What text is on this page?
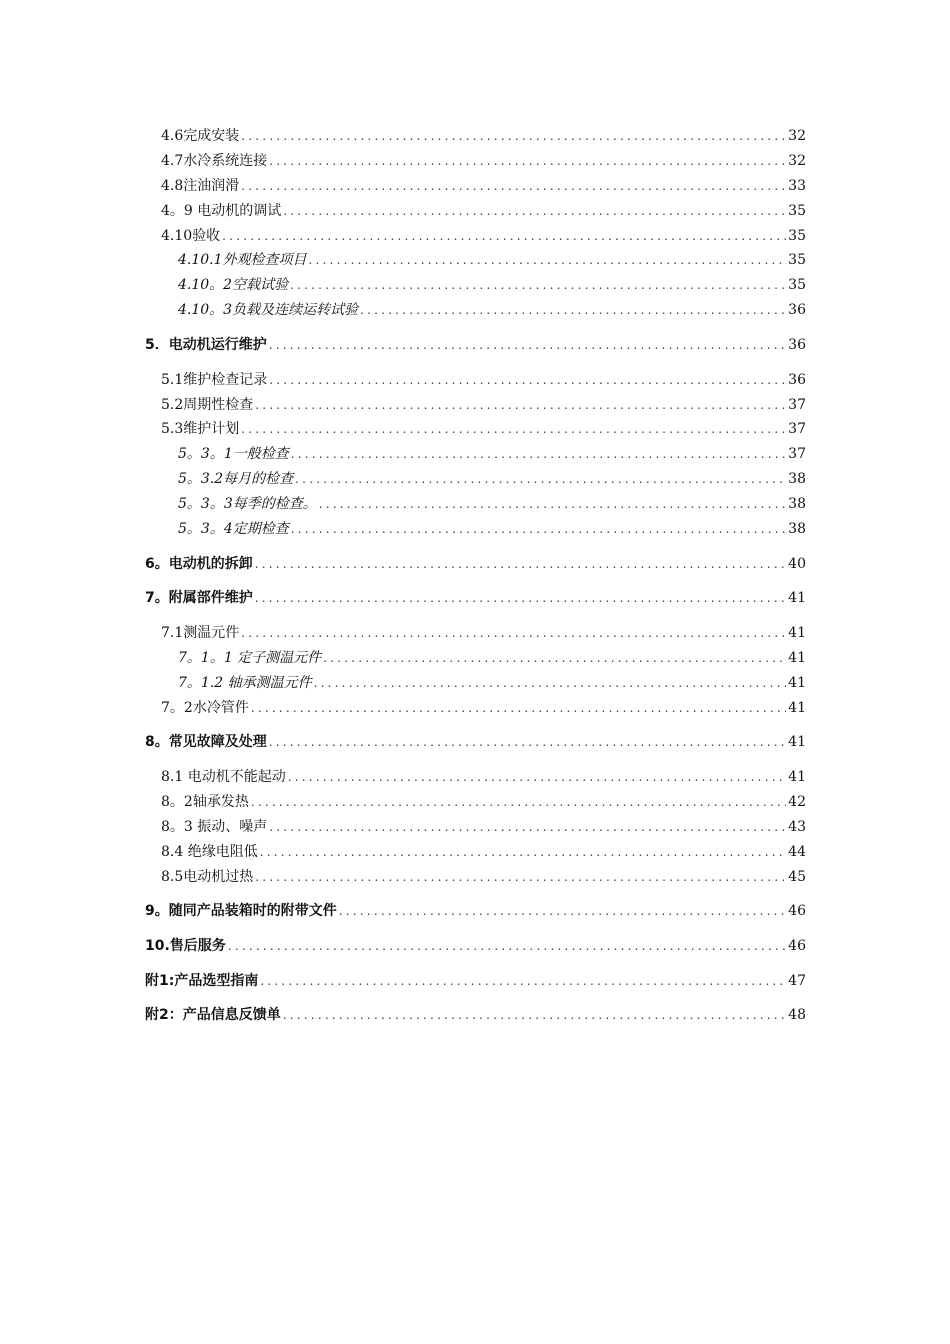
4.6完成安装 .....	32
4.7水冷系统连接 .....	32
4.8注油润滑 .....	33
4。9 电动机的调试 .....	35
4.10验收 .....	35
4.10.1外观检查项目 .....	35
4.10。2空载试验 .....	35
4.10。3负载及连续运转试验 .....	36
5．电动机运行维护 .....	36
5.1维护检查记录 .....	36
5.2周期性检查 .....	37
5.3维护计划 .....	37
5。3。1一般检查 .....	37
5。3.2每月的检查 .....	38
5。3。3每季的检查。 .....	38
5。3。4定期检查 .....	38
6。电动机的拆卸 .....	40
7。附属部件维护 .....	41
7.1测温元件 .....	41
7。1。1 定子测温元件 .....	41
7。1.2 轴承测温元件 .....	41
7。2水冷管件 .....	41
8。常见故障及处理 .....	41
8.1 电动机不能起动 .....	41
8。2轴承发热 .....	42
8。3 振动、噪声 .....	43
8.4 绝缘电阻低 .....	44
8.5电动机过热 .....	45
9。随同产品装箱时的附带文件 .....	46
10.售后服务 .....	46
附1:产品选型指南 .....	47
附2：产品信息反馈单 .....	48
